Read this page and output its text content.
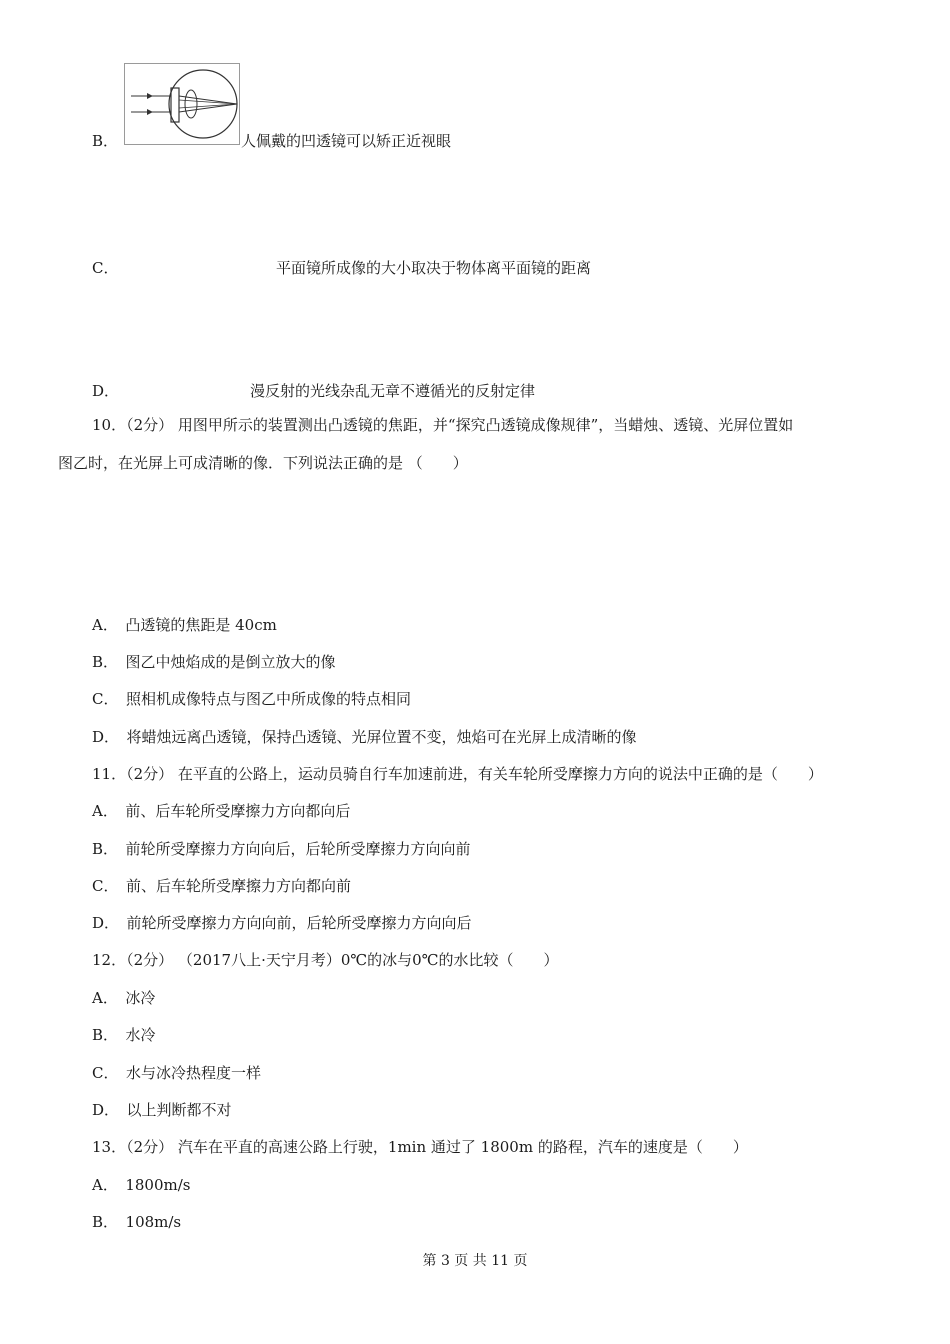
B．	人佩戴的凹透镜可以矫正近视眼
C．	平面镜所成像的大小取决于物体离平面镜的距离
D．	漫反射的光线杂乱无章不遵循光的反射定律
10．（2分） 用图甲所示的装置测出凸透镜的焦距，并“探究凸透镜成像规律”，当蜡烛、透镜、光屏位置如
图乙时，在光屏上可成清晰的像．下列说法正确的是 （　　）
A．　凸透镜的焦距是 40cm
B．　图乙中烛焰成的是倒立放大的像
C．　照相机成像特点与图乙中所成像的特点相同
D．　将蜡烛远离凸透镜，保持凸透镜、光屏位置不变，烛焰可在光屏上成清晰的像
11．（2分） 在平直的公路上，运动员骑自行车加速前进，有关车轮所受摩擦力方向的说法中正确的是（　　）
A．　前、后车轮所受摩擦力方向都向后
B．　前轮所受摩擦力方向向后，后轮所受摩擦力方向向前
C．　前、后车轮所受摩擦力方向都向前
D．　前轮所受摩擦力方向向前，后轮所受摩擦力方向向后
12．（2分） （2017八上·天宁月考）0℃的冰与0℃的水比较（　　）
A．　冰冷
B．　水冷
C．　水与冰冷热程度一样
D．　以上判断都不对
13．（2分） 汽车在平直的高速公路上行驶，1min 通过了 1800m 的路程，汽车的速度是（　　）
A．　1800m/s
B．　108m/s
第 3 页 共 11 页
